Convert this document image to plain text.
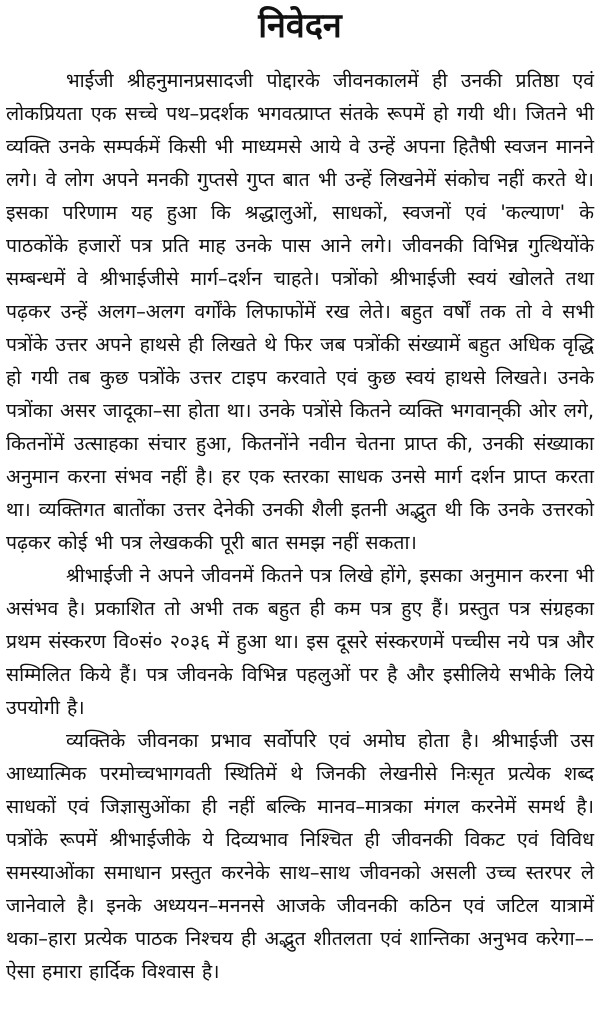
निवेदन

भाईजी श्रीहनुमानप्रसादजी पोद्दारके जीवनकालमें ही उनकी प्रतिष्ठा एवं लोकप्रियता एक सच्चे पथ–प्रदर्शक भगवत्प्राप्त संतके रूपमें हो गयी थी। जितने भी व्यक्ति उनके सम्पर्कमें किसी भी माध्यमसे आये वे उन्हें अपना हितैषी स्वजन मानने लगे। वे लोग अपने मनकी गुप्तसे गुप्त बात भी उन्हें लिखनेमें संकोच नहीं करते थे। इसका परिणाम यह हुआ कि श्रद्धालुओं, साधकों, स्वजनों एवं 'कल्याण' के पाठकोंके हजारों पत्र प्रति माह उनके पास आने लगे। जीवनकी विभिन्न गुत्थियोंके सम्बन्धमें वे श्रीभाईजीसे मार्ग–दर्शन चाहते। पत्रोंको श्रीभाईजी स्वयं खोलते तथा पढ़कर उन्हें अलग–अलग वर्गोंके लिफाफोंमें रख लेते। बहुत वर्षों तक तो वे सभी पत्रोंके उत्तर अपने हाथसे ही लिखते थे फिर जब पत्रोंकी संख्यामें बहुत अधिक वृद्धि हो गयी तब कुछ पत्रोंके उत्तर टाइप करवाते एवं कुछ स्वयं हाथसे लिखते। उनके पत्रोंका असर जादूका–सा होता था। उनके पत्रोंसे कितने व्यक्ति भगवान्‌की ओर लगे, कितनोंमें उत्साहका संचार हुआ, कितनोंने नवीन चेतना प्राप्त की, उनकी संख्याका अनुमान करना संभव नहीं है। हर एक स्तरका साधक उनसे मार्ग दर्शन प्राप्त करता था। व्यक्तिगत बातोंका उत्तर देनेकी उनकी शैली इतनी अद्भुत थी कि उनके उत्तरको पढ़कर कोई भी पत्र लेखककी पूरी बात समझ नहीं सकता।

श्रीभाईजी ने अपने जीवनमें कितने पत्र लिखे होंगे, इसका अनुमान करना भी असंभव है। प्रकाशित तो अभी तक बहुत ही कम पत्र हुए हैं। प्रस्तुत पत्र संग्रहका प्रथम संस्करण वि०सं० २०३६ में हुआ था। इस दूसरे संस्करणमें पच्चीस नये पत्र और सम्मिलित किये हैं। पत्र जीवनके विभिन्न पहलुओं पर है और इसीलिये सभीके लिये उपयोगी है।

व्यक्तिके जीवनका प्रभाव सर्वोपरि एवं अमोघ होता है। श्रीभाईजी उस आध्यात्मिक परमोच्चभागवती स्थितिमें थे जिनकी लेखनीसे निःसृत प्रत्येक शब्द साधकों एवं जिज्ञासुओंका ही नहीं बल्कि मानव–मात्रका मंगल करनेमें समर्थ है। पत्रोंके रूपमें श्रीभाईजीके ये दिव्यभाव निश्चित ही जीवनकी विकट एवं विविध समस्याओंका समाधान प्रस्तुत करनेके साथ–साथ जीवनको असली उच्च स्तरपर ले जानेवाले है। इनके अध्ययन–मननसे आजके जीवनकी कठिन एवं जटिल यात्रामें थका–हारा प्रत्येक पाठक निश्चय ही अद्भुत शीतलता एवं शान्तिका अनुभव करेगा––ऐसा हमारा हार्दिक विश्वास है।
